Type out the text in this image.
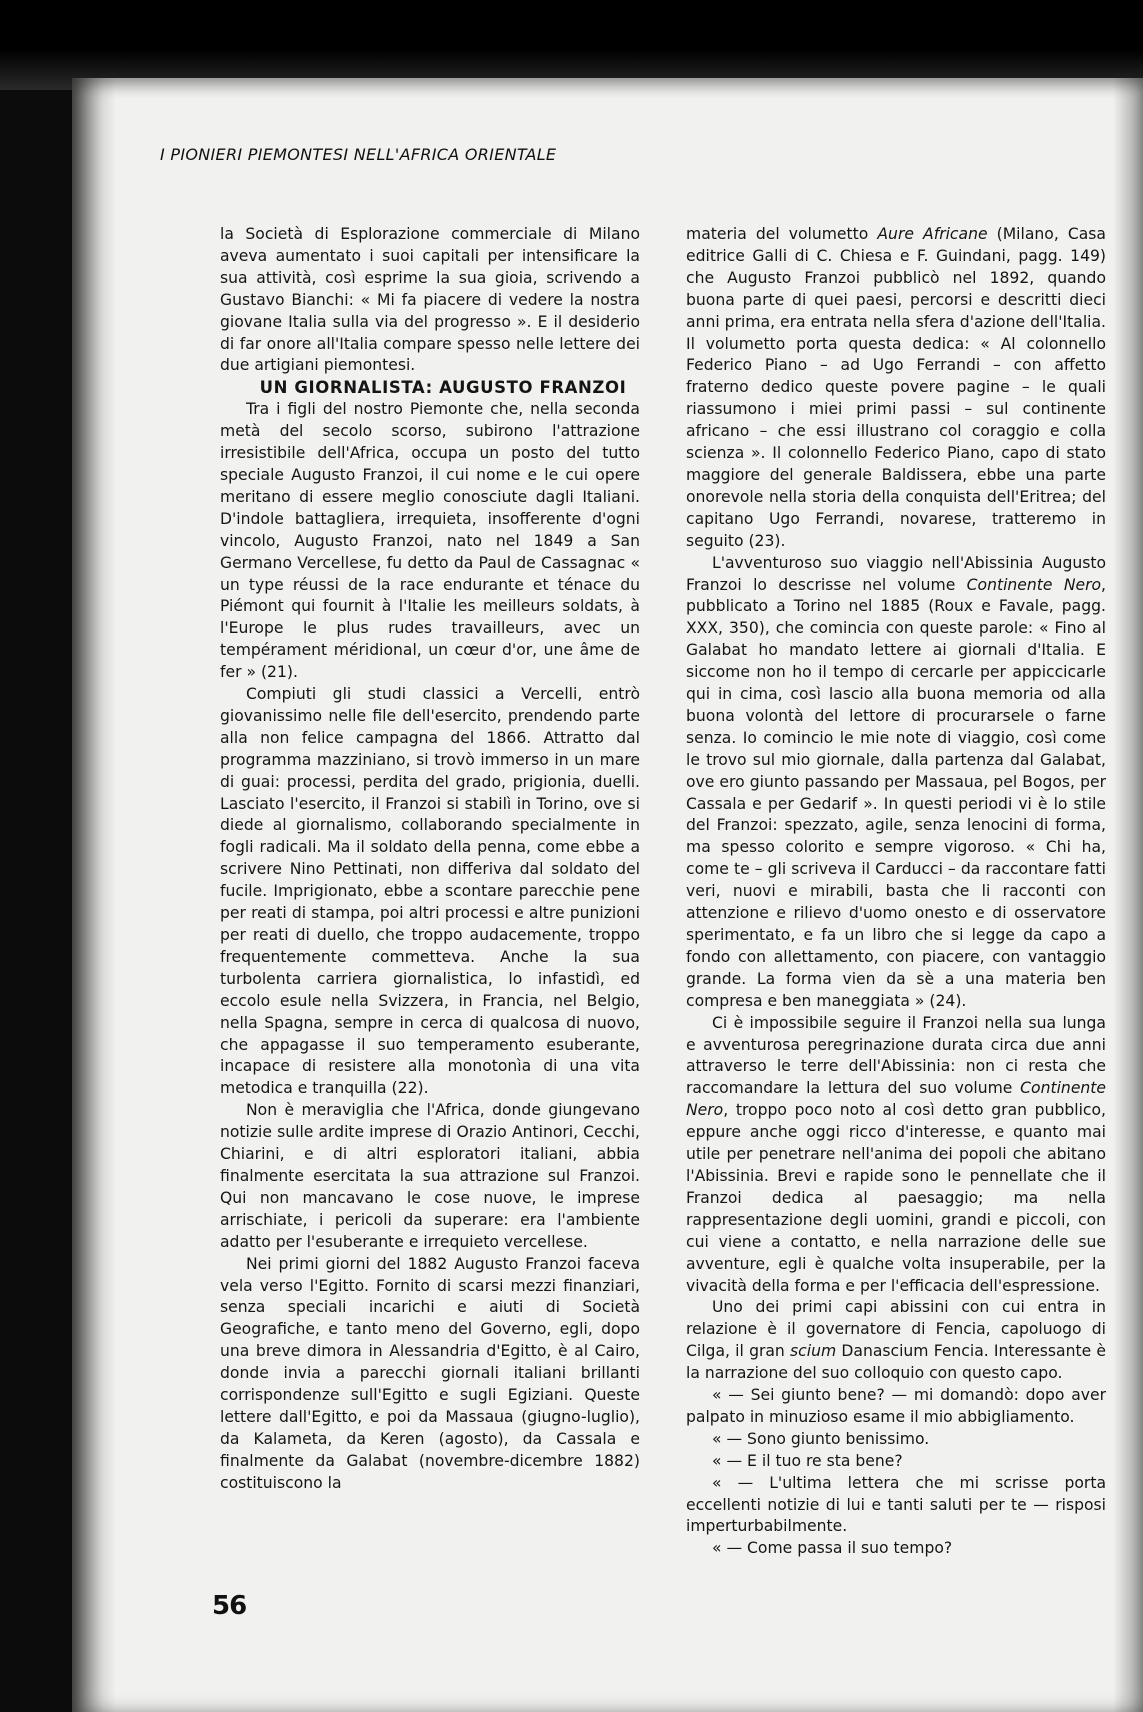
I PIONIERI PIEMONTESI NELL'AFRICA ORIENTALE

la Società di Esplorazione commerciale di Milano aveva aumentato i suoi capitali per intensificare la sua attività, così esprime la sua gioia, scrivendo a Gustavo Bianchi: « Mi fa piacere di vedere la nostra giovane Italia sulla via del progresso ». E il desiderio di far onore all'Italia compare spesso nelle lettere dei due artigiani piemontesi.

UN GIORNALISTA: AUGUSTO FRANZOI

Tra i figli del nostro Piemonte che, nella seconda metà del secolo scorso, subirono l'attrazione irresistibile dell'Africa, occupa un posto del tutto speciale Augusto Franzoi, il cui nome e le cui opere meritano di essere meglio conosciute dagli Italiani. D'indole battagliera, irrequieta, insofferente d'ogni vincolo, Augusto Franzoi, nato nel 1849 a San Germano Vercellese, fu detto da Paul de Cassagnac « un type réussi de la race endurante et ténace du Piémont qui fournit à l'Italie les meilleurs soldats, à l'Europe le plus rudes travailleurs, avec un tempérament méridional, un cœur d'or, une âme de fer » (21).

Compiuti gli studi classici a Vercelli, entrò giovanissimo nelle file dell'esercito, prendendo parte alla non felice campagna del 1866. Attratto dal programma mazziniano, si trovò immerso in un mare di guai: processi, perdita del grado, prigionia, duelli. Lasciato l'esercito, il Franzoi si stabilì in Torino, ove si diede al giornalismo, collaborando specialmente in fogli radicali. Ma il soldato della penna, come ebbe a scrivere Nino Pettinati, non differiva dal soldato del fucile. Imprigionato, ebbe a scontare parecchie pene per reati di stampa, poi altri processi e altre punizioni per reati di duello, che troppo audacemente, troppo frequentemente commetteva. Anche la sua turbolenta carriera giornalistica, lo infastidì, ed eccolo esule nella Svizzera, in Francia, nel Belgio, nella Spagna, sempre in cerca di qualcosa di nuovo, che appagasse il suo temperamento esuberante, incapace di resistere alla monotonìa di una vita metodica e tranquilla (22).

Non è meraviglia che l'Africa, donde giungevano notizie sulle ardite imprese di Orazio Antinori, Cecchi, Chiarini, e di altri esploratori italiani, abbia finalmente esercitata la sua attrazione sul Franzoi. Qui non mancavano le cose nuove, le imprese arrischiate, i pericoli da superare: era l'ambiente adatto per l'esuberante e irrequieto vercellese.

Nei primi giorni del 1882 Augusto Franzoi faceva vela verso l'Egitto. Fornito di scarsi mezzi finanziari, senza speciali incarichi e aiuti di Società Geografiche, e tanto meno del Governo, egli, dopo una breve dimora in Alessandria d'Egitto, è al Cairo, donde invia a parecchi giornali italiani brillanti corrispondenze sull'Egitto e sugli Egiziani. Queste lettere dall'Egitto, e poi da Massaua (giugno-luglio), da Kalameta, da Keren (agosto), da Cassala e finalmente da Galabat (novembre-dicembre 1882) costituiscono la

materia del volumetto Aure Africane (Milano, Casa editrice Galli di C. Chiesa e F. Guindani, pagg. 149) che Augusto Franzoi pubblicò nel 1892, quando buona parte di quei paesi, percorsi e descritti dieci anni prima, era entrata nella sfera d'azione dell'Italia. Il volumetto porta questa dedica: « Al colonnello Federico Piano – ad Ugo Ferrandi – con affetto fraterno dedico queste povere pagine – le quali riassumono i miei primi passi – sul continente africano – che essi illustrano col coraggio e colla scienza ». Il colonnello Federico Piano, capo di stato maggiore del generale Baldissera, ebbe una parte onorevole nella storia della conquista dell'Eritrea; del capitano Ugo Ferrandi, novarese, tratteremo in seguito (23).

L'avventuroso suo viaggio nell'Abissinia Augusto Franzoi lo descrisse nel volume Continente Nero, pubblicato a Torino nel 1885 (Roux e Favale, pagg. XXX, 350), che comincia con queste parole: « Fino al Galabat ho mandato lettere ai giornali d'Italia. E siccome non ho il tempo di cercarle per appiccicarle qui in cima, così lascio alla buona memoria od alla buona volontà del lettore di procurarsele o farne senza. Io comincio le mie note di viaggio, così come le trovo sul mio giornale, dalla partenza dal Galabat, ove ero giunto passando per Massaua, pel Bogos, per Cassala e per Gedarif ». In questi periodi vi è lo stile del Franzoi: spezzato, agile, senza lenocini di forma, ma spesso colorito e sempre vigoroso. « Chi ha, come te – gli scriveva il Carducci – da raccontare fatti veri, nuovi e mirabili, basta che li racconti con attenzione e rilievo d'uomo onesto e di osservatore sperimentato, e fa un libro che si legge da capo a fondo con allettamento, con piacere, con vantaggio grande. La forma vien da sè a una materia ben compresa e ben maneggiata » (24).

Ci è impossibile seguire il Franzoi nella sua lunga e avventurosa peregrinazione durata circa due anni attraverso le terre dell'Abissinia: non ci resta che raccomandare la lettura del suo volume Continente Nero, troppo poco noto al così detto gran pubblico, eppure anche oggi ricco d'interesse, e quanto mai utile per penetrare nell'anima dei popoli che abitano l'Abissinia. Brevi e rapide sono le pennellate che il Franzoi dedica al paesaggio; ma nella rappresentazione degli uomini, grandi e piccoli, con cui viene a contatto, e nella narrazione delle sue avventure, egli è qualche volta insuperabile, per la vivacità della forma e per l'efficacia dell'espressione.

Uno dei primi capi abissini con cui entra in relazione è il governatore di Fencia, capoluogo di Cilga, il gran scium Danascium Fencia. Interessante è la narrazione del suo colloquio con questo capo.

« — Sei giunto bene? — mi domandò: dopo aver palpato in minuzioso esame il mio abbigliamento.

« — Sono giunto benissimo.

« — E il tuo re sta bene?

« — L'ultima lettera che mi scrisse porta eccellenti notizie di lui e tanti saluti per te — risposi imperturbabilmente.

« — Come passa il suo tempo?

56
